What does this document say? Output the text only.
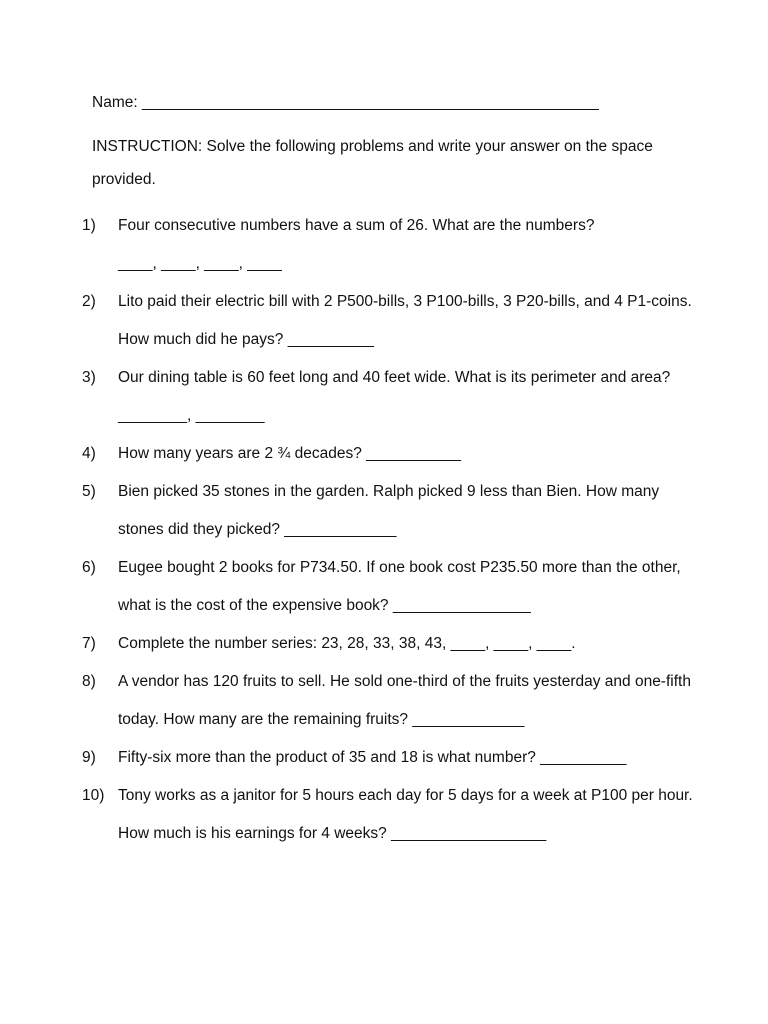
Name: _____________________________________________________
INSTRUCTION: Solve the following problems and write your answer on the space provided.
1)	Four consecutive numbers have a sum of 26. What are the numbers?
____, ____, ____, ____
2)	Lito paid their electric bill with 2 P500-bills, 3 P100-bills, 3 P20-bills, and 4 P1-coins. How much did he pays? __________
3)	Our dining table is 60 feet long and 40 feet wide. What is its perimeter and area? ________, ________
4)	How many years are 2 ¾ decades? ___________
5)	Bien picked 35 stones in the garden. Ralph picked 9 less than Bien. How many stones did they picked? _____________
6)	Eugee bought 2 books for P734.50. If one book cost P235.50 more than the other, what is the cost of the expensive book? ________________
7)	Complete the number series: 23, 28, 33, 38, 43, ____, ____, ____.
8)	A vendor has 120 fruits to sell. He sold one-third of the fruits yesterday and one-fifth today. How many are the remaining fruits? _____________
9)	Fifty-six more than the product of 35 and 18 is what number? __________
10) Tony works as a janitor for 5 hours each day for 5 days for a week at P100 per hour. How much is his earnings for 4 weeks? __________________
